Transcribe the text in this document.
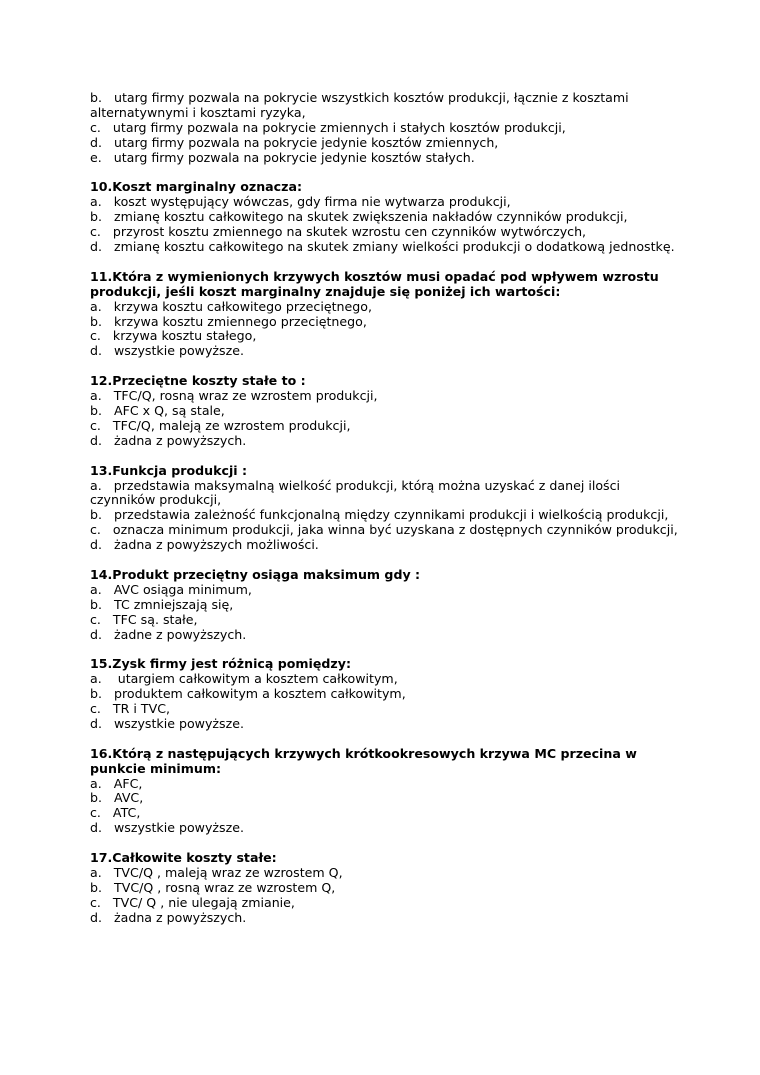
b.   utarg firmy pozwala na pokrycie wszystkich kosztów produkcji, łącznie z kosztami alternatywnymi i kosztami ryzyka,

c.   utarg firmy pozwala na pokrycie zmiennych i stałych kosztów produkcji,

d.   utarg firmy pozwala na pokrycie jedynie kosztów zmiennych,

e.   utarg firmy pozwala na pokrycie jedynie kosztów stałych.

10.Koszt marginalny oznacza:

a.   koszt występujący wówczas, gdy firma nie wytwarza produkcji,

b.   zmianę kosztu całkowitego na skutek zwiększenia nakładów czynników produkcji,

c.   przyrost kosztu zmiennego na skutek wzrostu cen czynników wytwórczych,

d.   zmianę kosztu całkowitego na skutek zmiany wielkości produkcji o dodatkową jednostkę.

11.Która z wymienionych krzywych kosztów musi opadać pod wpływem wzrostu produkcji, jeśli koszt marginalny znajduje się poniżej ich wartości:

a.   krzywa kosztu całkowitego przeciętnego,

b.   krzywa kosztu zmiennego przeciętnego,

c.   krzywa kosztu stałego,

d.   wszystkie powyższe.

12.Przeciętne koszty stałe to :

a.   TFC/Q, rosną wraz ze wzrostem produkcji,

b.   AFC x Q, są stale,

c.   TFC/Q, maleją ze wzrostem produkcji,

d.   żadna z powyższych.

13.Funkcja produkcji :

a.   przedstawia maksymalną wielkość produkcji, którą można uzyskać z danej ilości czynników produkcji,

b.   przedstawia zależność funkcjonalną między czynnikami produkcji i wielkością produkcji,

c.   oznacza minimum produkcji, jaka winna być uzyskana z dostępnych czynników produkcji,

d.   żadna z powyższych możliwości.

14.Produkt przeciętny osiąga maksimum gdy :

a.   AVC osiąga minimum,

b.   TC zmniejszają się,

c.   TFC są. stałe,

d.   żadne z powyższych.

15.Zysk firmy jest różnicą pomiędzy:

a.    utargiem całkowitym a kosztem całkowitym,

b.   produktem całkowitym a kosztem całkowitym,

c.   TR i TVC,

d.   wszystkie powyższe.

16.Którą z następujących krzywych krótkookresowych krzywa MC przecina w punkcie minimum:

a.   AFC,

b.   AVC,

c.   ATC,

d.   wszystkie powyższe.

17.Całkowite koszty stałe:

a.   TVC/Q , maleją wraz ze wzrostem Q,

b.   TVC/Q , rosną wraz ze wzrostem Q,

c.   TVC/ Q , nie ulegają zmianie,

d.   żadna z powyższych.
